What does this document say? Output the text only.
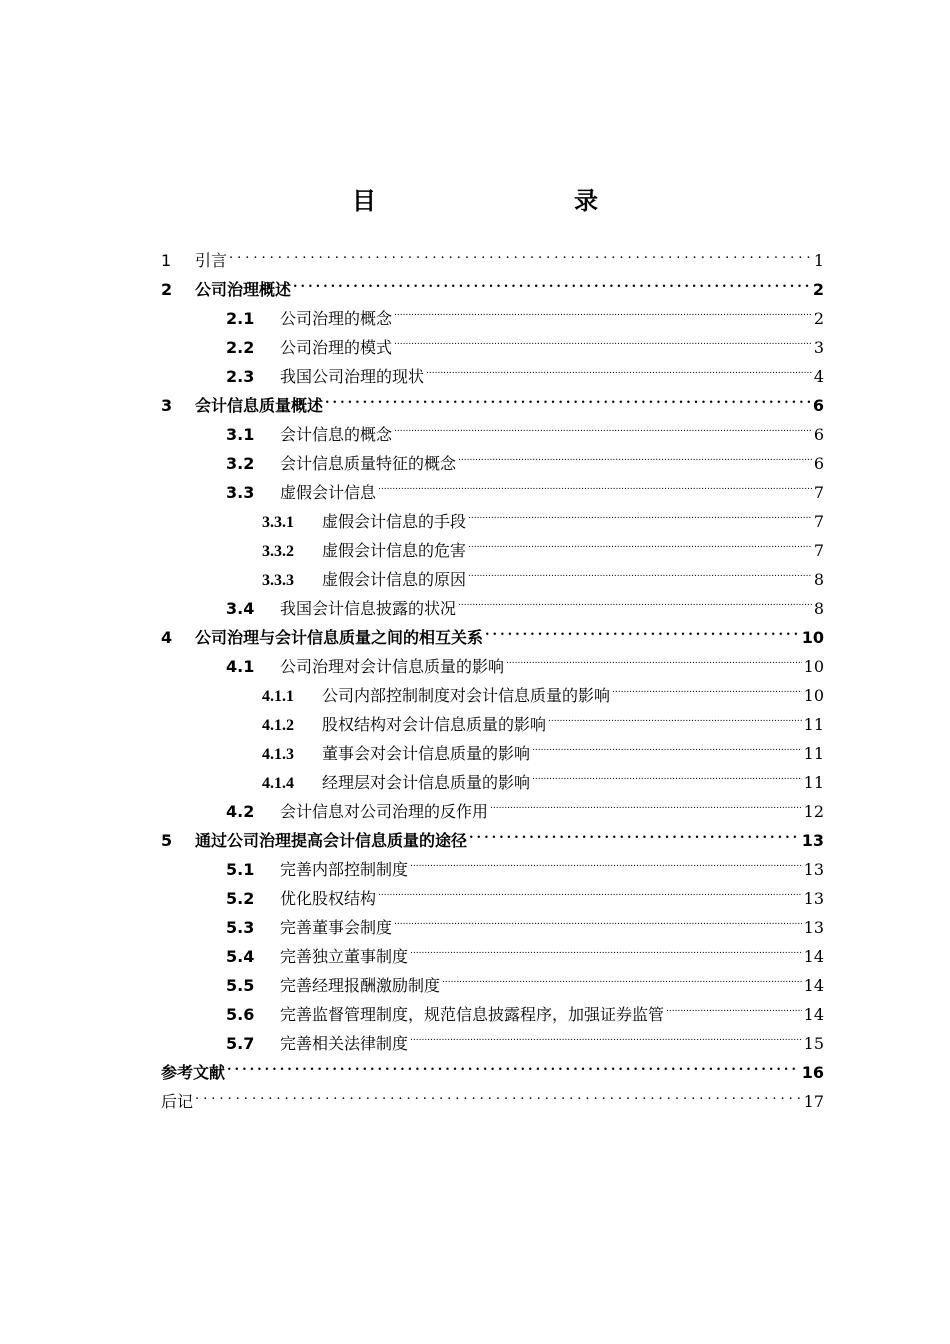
目　　录
1	引言 .....	1
2	公司治理概述 .....	2
2.1	公司治理的概念 .....	2
2.2	公司治理的模式 .....	3
2.3	我国公司治理的现状 .....	4
3	会计信息质量概述 .....	6
3.1	会计信息的概念 .....	6
3.2	会计信息质量特征的概念 .....	6
3.3	虚假会计信息 .....	7
3.3.1	虚假会计信息的手段 .....	7
3.3.2	虚假会计信息的危害 .....	7
3.3.3	虚假会计信息的原因 .....	8
3.4	我国会计信息披露的状况 .....	8
4	公司治理与会计信息质量之间的相互关系 .....	10
4.1	公司治理对会计信息质量的影响 .....	10
4.1.1	公司内部控制制度对会计信息质量的影响 .....	10
4.1.2	股权结构对会计信息质量的影响 .....	11
4.1.3	董事会对会计信息质量的影响 .....	11
4.1.4	经理层对会计信息质量的影响 .....	11
4.2	会计信息对公司治理的反作用 .....	12
5	通过公司治理提高会计信息质量的途径 .....	13
5.1	完善内部控制制度 .....	13
5.2	优化股权结构 .....	13
5.3	完善董事会制度 .....	13
5.4	完善独立董事制度 .....	14
5.5	完善经理报酬激励制度 .....	14
5.6	完善监督管理制度，规范信息披露程序，加强证券监管 .....	14
5.7	完善相关法律制度 .....	15
参考文献 .....	16
后记 .....	17
